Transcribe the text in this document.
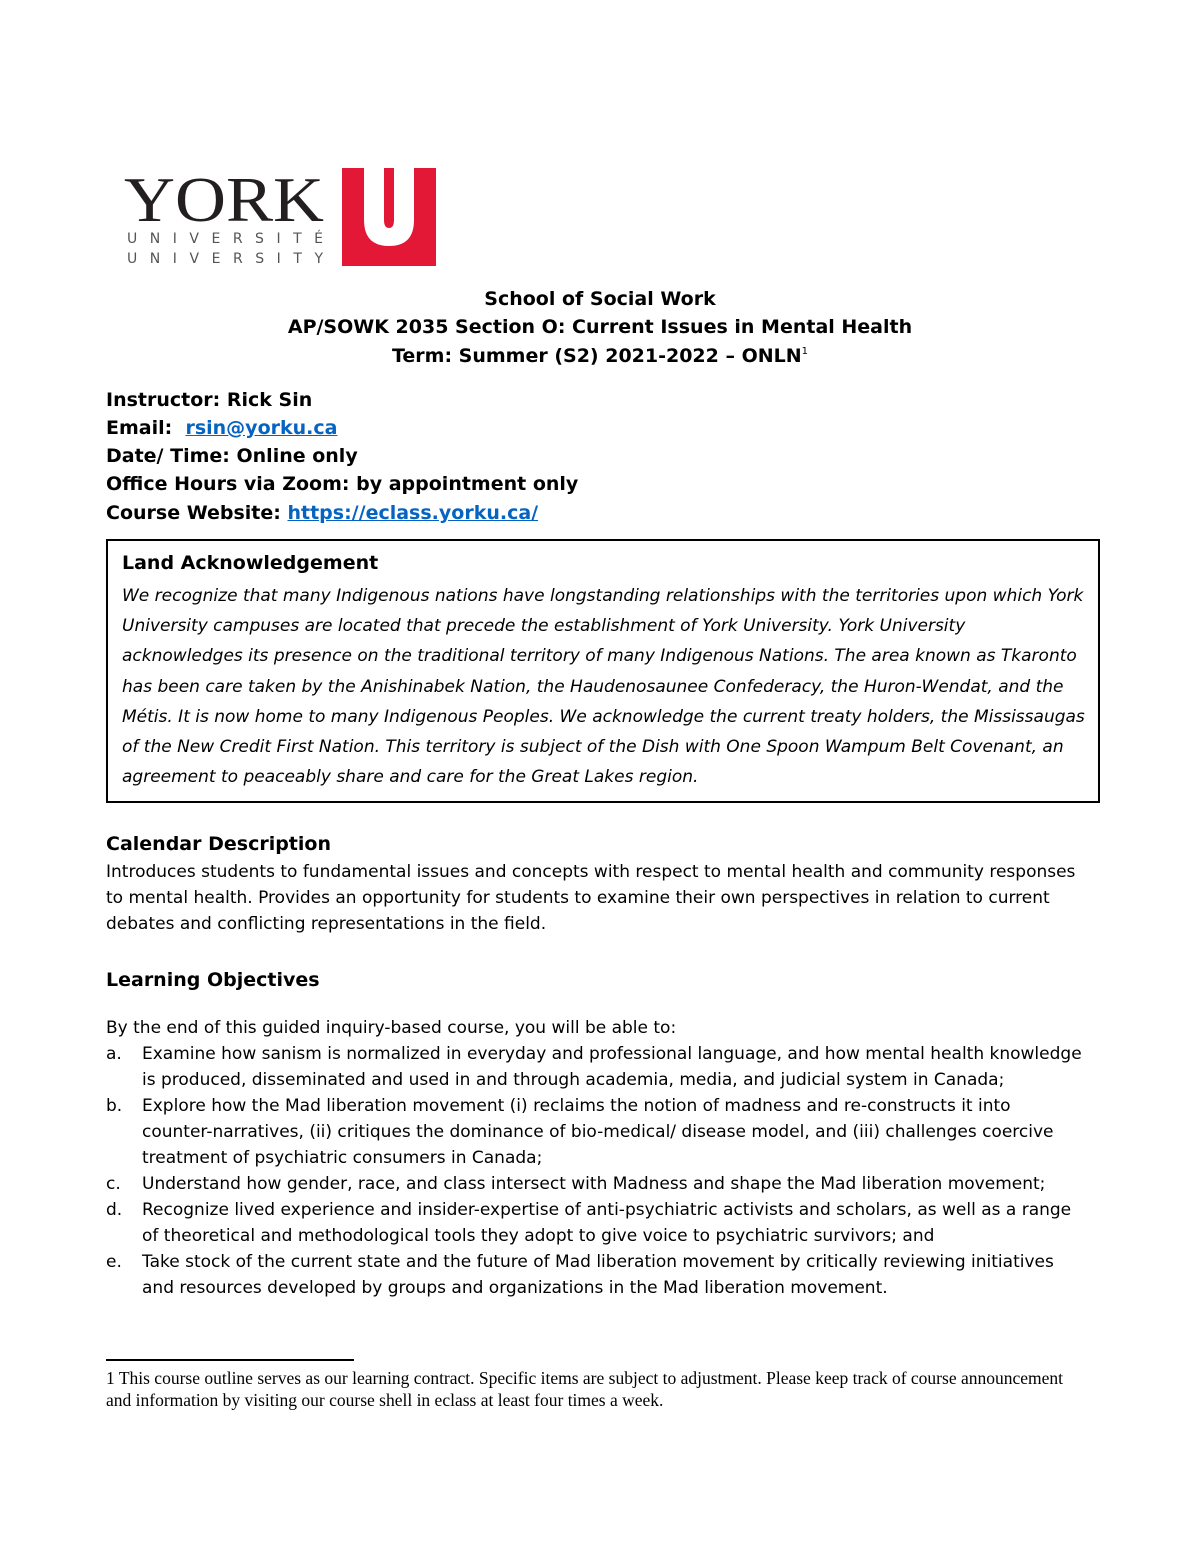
YORK
UNIVERSITÉ
UNIVERSITY
School of Social Work
AP/SOWK 2035 Section O: Current Issues in Mental Health
Term: Summer (S2) 2021-2022 – ONLN$^1$
Instructor: Rick Sin
Email: rsin@yorku.ca
Date/ Time: Online only
Office Hours via Zoom: by appointment only
Course Website: https://eclass.yorku.ca/

Land Acknowledgement

We recognize that many Indigenous nations have longstanding relationships with the territories upon which York University campuses are located that precede the establishment of York University. York University acknowledges its presence on the traditional territory of many Indigenous Nations. The area known as Tkaronto has been care taken by the Anishinabek Nation, the Haudenosaunee Confederacy, the Huron-Wendat, and the Métis. It is now home to many Indigenous Peoples. We acknowledge the current treaty holders, the Mississaugas of the New Credit First Nation. This territory is subject of the Dish with One Spoon Wampum Belt Covenant, an agreement to peaceably share and care for the Great Lakes region.

Calendar Description
Introduces students to fundamental issues and concepts with respect to mental health and community responses to mental health. Provides an opportunity for students to examine their own perspectives in relation to current debates and conflicting representations in the field.
Learning Objectives
By the end of this guided inquiry-based course, you will be able to:
a. Examine how sanism is normalized in everyday and professional language, and how mental health knowledge is produced, disseminated and used in and through academia, media, and judicial system in Canada;
b. Explore how the Mad liberation movement (i) reclaims the notion of madness and re-constructs it into counter-narratives, (ii) critiques the dominance of bio-medical/ disease model, and (iii) challenges coercive treatment of psychiatric consumers in Canada;
c. Understand how gender, race, and class intersect with Madness and shape the Mad liberation movement;
d. Recognize lived experience and insider-expertise of anti-psychiatric activists and scholars, as well as a range of theoretical and methodological tools they adopt to give voice to psychiatric survivors; and
e. Take stock of the current state and the future of Mad liberation movement by critically reviewing initiatives and resources developed by groups and organizations in the Mad liberation movement.
1 This course outline serves as our learning contract. Specific items are subject to adjustment. Please keep track of course announcement and information by visiting our course shell in eclass at least four times a week.
